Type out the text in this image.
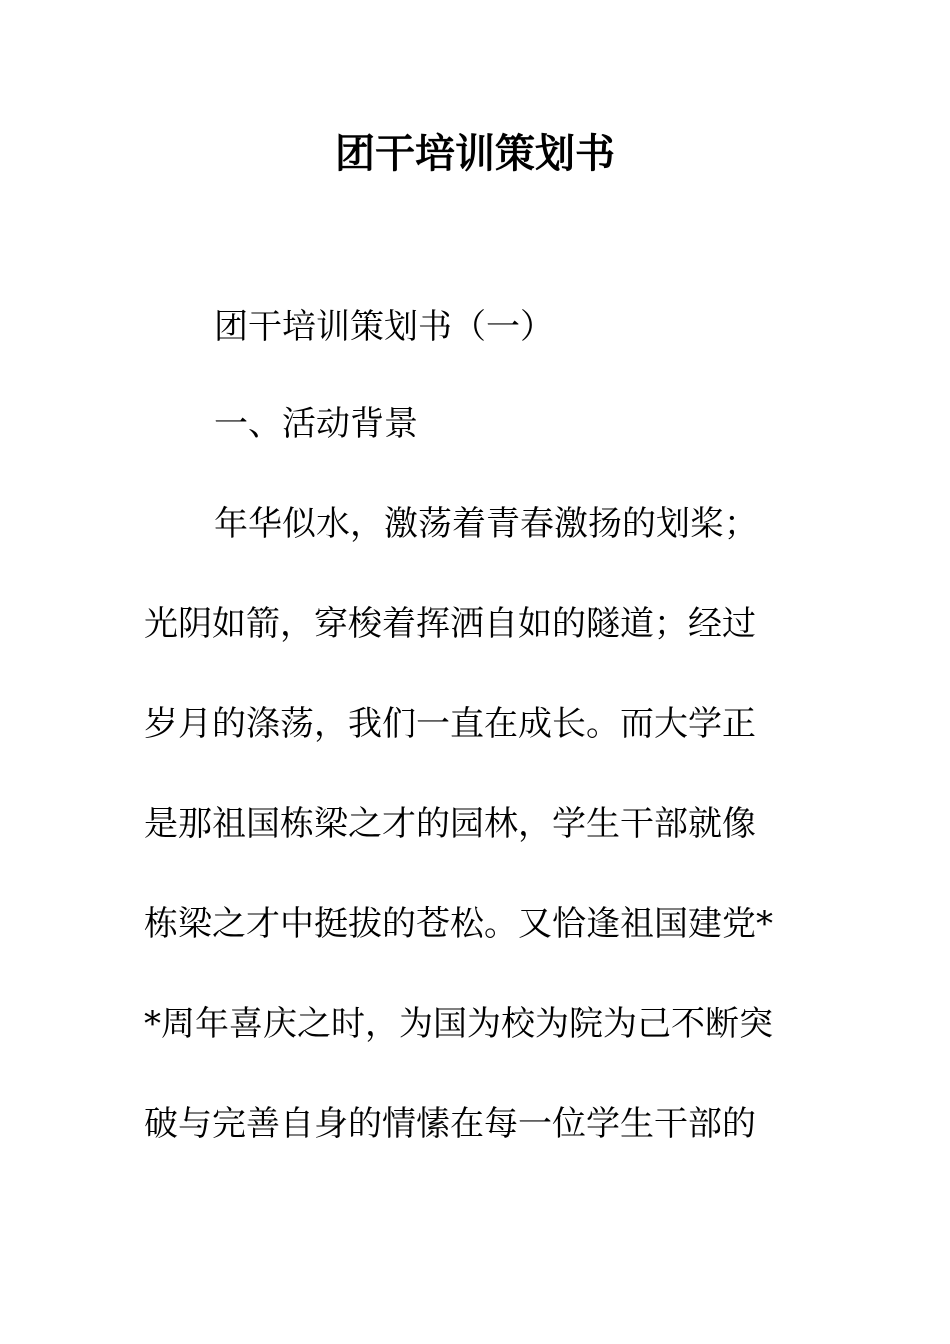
团干培训策划书

团干培训策划书（一）

一、活动背景

年华似水，激荡着青春激扬的划桨；

光阴如箭，穿梭着挥洒自如的隧道；经过

岁月的涤荡，我们一直在成长。而大学正

是那祖国栋梁之才的园林，学生干部就像

栋梁之才中挺拔的苍松。又恰逢祖国建党*

*周年喜庆之时，为国为校为院为己不断突

破与完善自身的情愫在每一位学生干部的
